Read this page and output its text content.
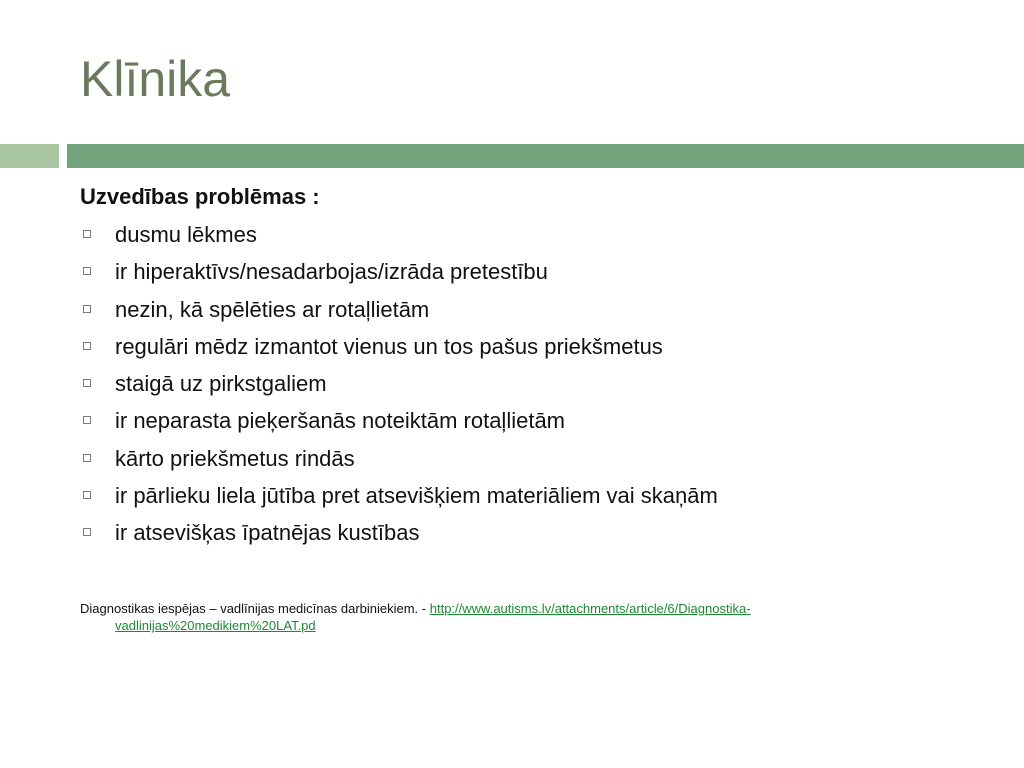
Klīnika
Uzvedības problēmas :
dusmu lēkmes
ir hiperaktīvs/nesadarbojas/izrāda pretestību
nezin, kā spēlēties ar rotaļlietām
regulāri mēdz izmantot vienus un tos pašus priekšmetus
staigā uz pirkstgaliem
ir neparasta pieķeršanās noteiktām rotaļlietām
kārto priekšmetus rindās
ir pārlieku liela jūtība pret atsevišķiem materiāliem vai skaņām
ir atsevišķas īpatnējas kustības
Diagnostikas iespējas – vadlīnijas medicīnas darbiniekiem. - http://www.autisms.lv/attachments/article/6/Diagnostika-
vadlinijas%20medikiem%20LAT.pd
